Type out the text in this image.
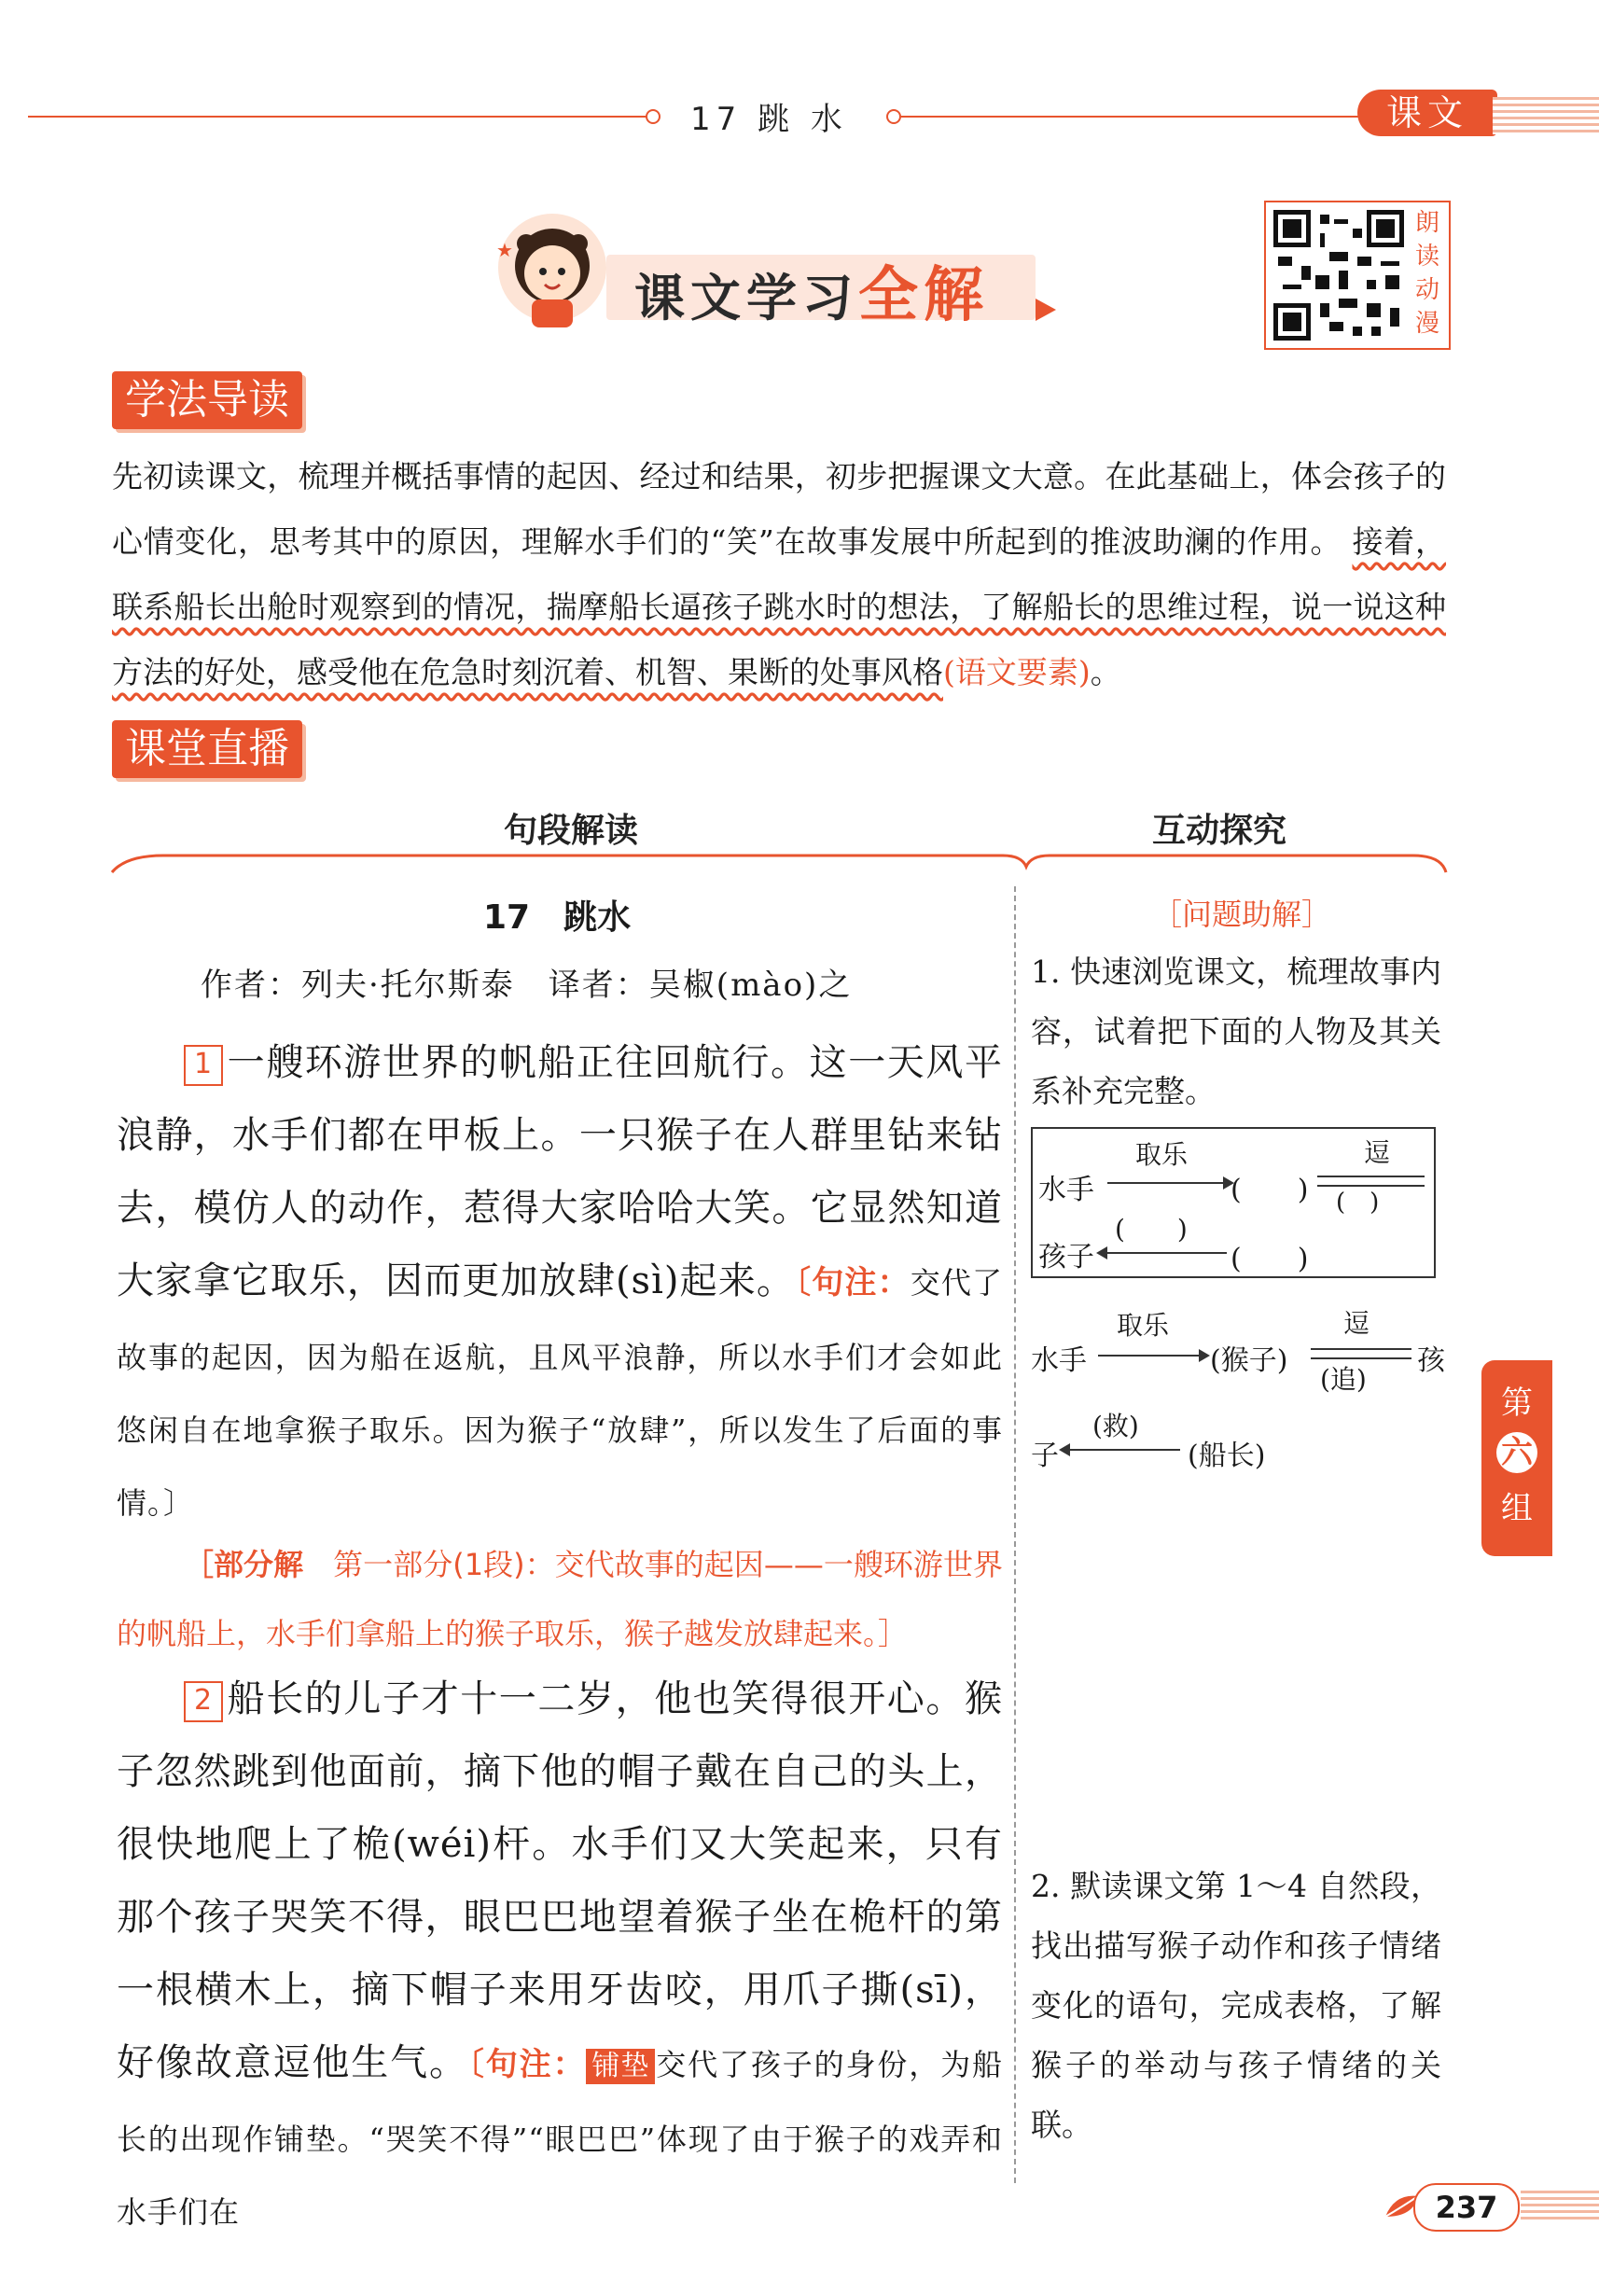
17 跳 水	课文
★
课文学习全解
朗读动漫
学法导读
先初读课文，梳理并概括事情的起因、经过和结果，初步把握课文大意。在此基础上，体会孩子的心情变化，思考其中的原因，理解水手们的“笑”在故事发展中所起到的推波助澜的作用。 接着，联系船长出舱时观察到的情况，揣摩船长逼孩子跳水时的想法，了解船长的思维过程，说一说这种方法的好处，感受他在危急时刻沉着、机智、果断的处事风格(语文要素)。
课堂直播
句段解读	互动探究
17　跳水
作者：列夫·托尔斯泰　译者：吴椒(mào)之
1 一艘环游世界的帆船正往回航行。这一天风平浪静，水手们都在甲板上。一只猴子在人群里钻来钻去，模仿人的动作，惹得大家哈哈大笑。它显然知道大家拿它取乐，因而更加放肆(sì)起来。〔句注：交代了故事的起因，因为船在返航，且风平浪静，所以水手们才会如此悠闲自在地拿猴子取乐。因为猴子“放肆”，所以发生了后面的事情。〕
［部分解　 第一部分(1段)：交代故事的起因——一艘环游世界的帆船上，水手们拿船上的猴子取乐，猴子越发放肆起来。］
2 船长的儿子才十一二岁，他也笑得很开心。猴子忽然跳到他面前，摘下他的帽子戴在自己的头上，很快地爬上了桅(wéi)杆。水手们又大笑起来，只有那个孩子哭笑不得，眼巴巴地望着猴子坐在桅杆的第一根横木上，摘下帽子来用牙齿咬，用爪子撕(sī)，好像故意逗他生气。〔句注： 铺垫 交代了孩子的身份，为船长的出现作铺垫。“哭笑不得”“眼巴巴”体现了由于猴子的戏弄和水手们在
［问题助解］
1. 快速浏览课文，梳理故事内容，试着把下面的人物及其关系补充完整。
水手
取乐
(　　)
逗
(　)
(　　)
孩子	(　　)
水手
取乐
(猴子)
逗
(追)
孩
子
(救)
(船长)
2. 默读课文第 1～4 自然段，找出描写猴子动作和孩子情绪变化的语句，完成表格，了解猴子的举动与孩子情绪的关联。
第
六
组
237
